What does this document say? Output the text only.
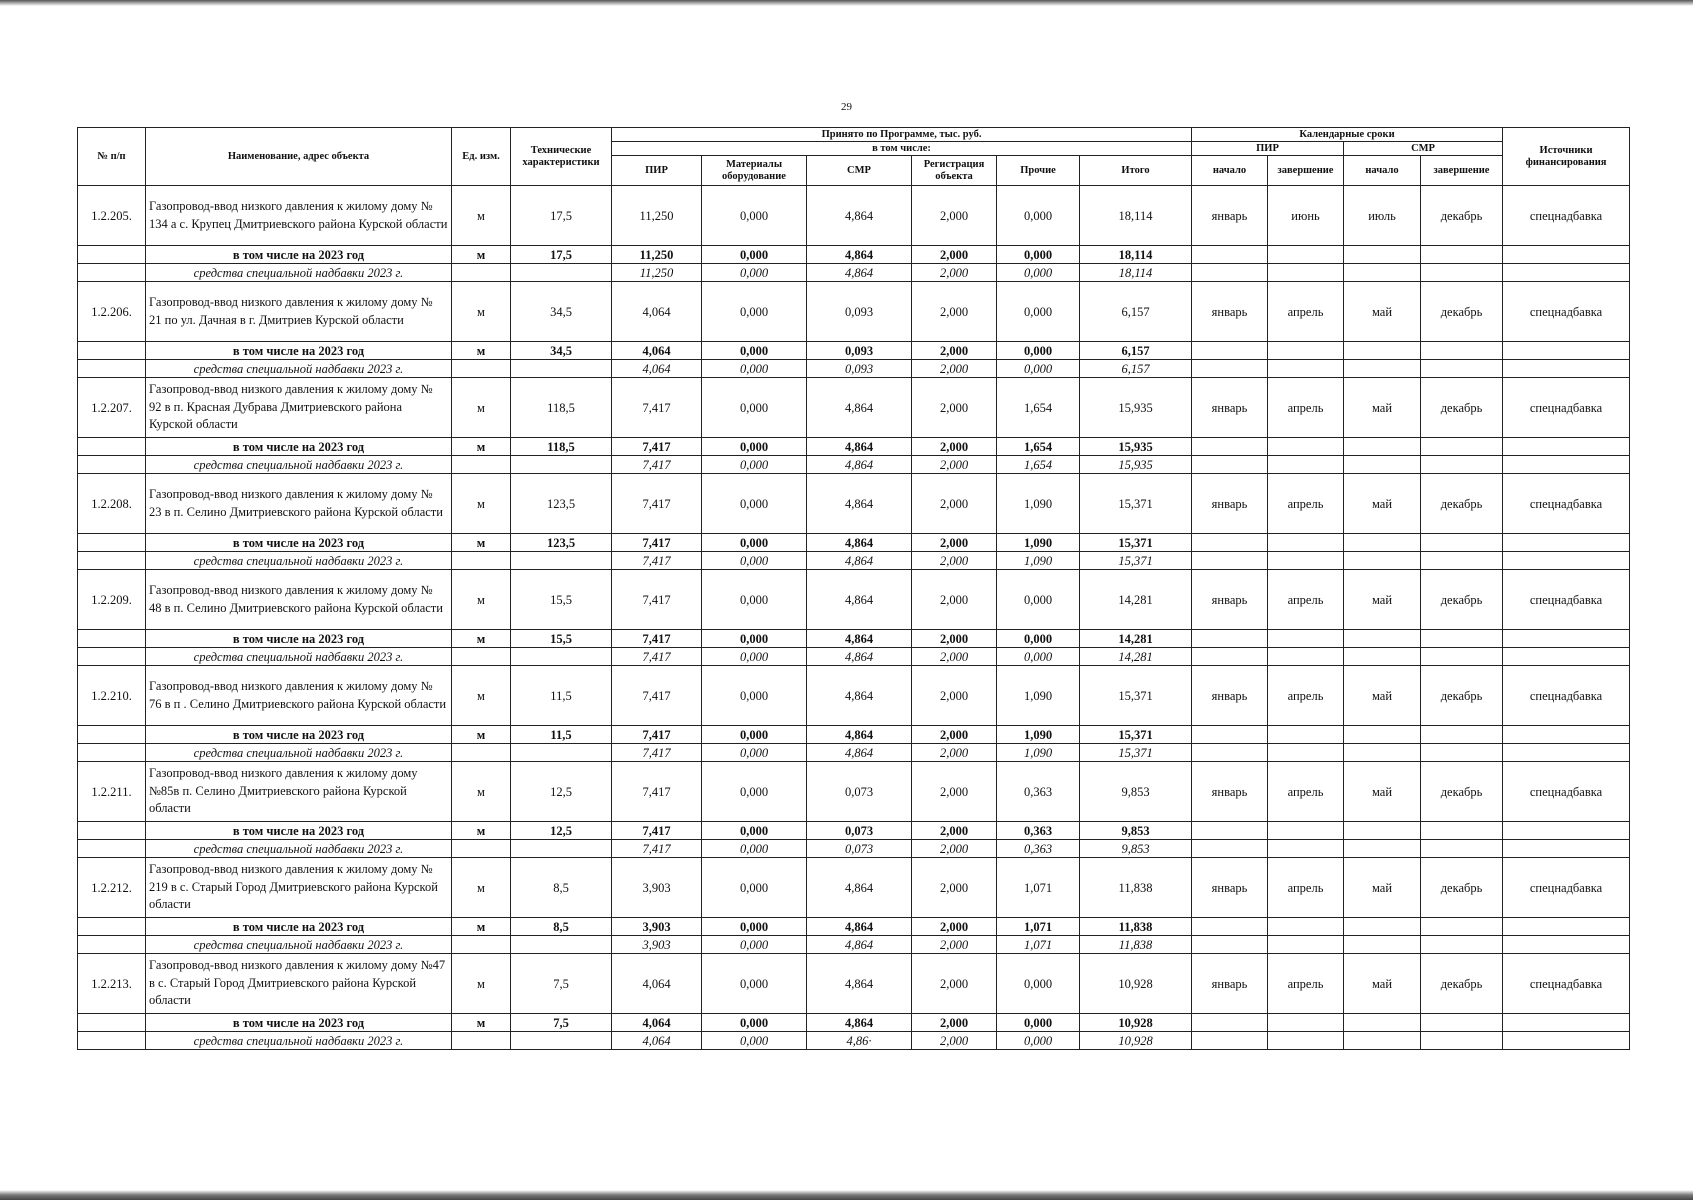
29
№ п/п	Наименование, адрес объекта	Ед. изм.	Технические характеристики	Принято по Программе, тыс. руб.						Календарные сроки				Источники финансирования
				в том числе:						ПИР		СМР		
				ПИР	Материалы оборудование	СМР	Регистрация объекта	Прочие	Итого	начало	завершение	начало	завершение	
1.2.205.	Газопровод-ввод низкого давления к жилому дому № 134 а с. Крупец Дмитриевского района Курской области	м	17,5	11,250	0,000	4,864	2,000	0,000	18,114	январь	июнь	июль	декабрь	спецнадбавка
	в том числе на 2023 год	м	17,5	11,250	0,000	4,864	2,000	0,000	18,114					
	средства специальной надбавки 2023 г.			11,250	0,000	4,864	2,000	0,000	18,114					
1.2.206.	Газопровод-ввод низкого давления к жилому дому № 21 по ул. Дачная в г. Дмитриев Курской области	м	34,5	4,064	0,000	0,093	2,000	0,000	6,157	январь	апрель	май	декабрь	спецнадбавка
	в том числе на 2023 год	м	34,5	4,064	0,000	0,093	2,000	0,000	6,157					
	средства специальной надбавки 2023 г.			4,064	0,000	0,093	2,000	0,000	6,157					
1.2.207.	Газопровод-ввод низкого давления к жилому дому № 92 в п. Красная Дубрава Дмитриевского района Курской области	м	118,5	7,417	0,000	4,864	2,000	1,654	15,935	январь	апрель	май	декабрь	спецнадбавка
	в том числе на 2023 год	м	118,5	7,417	0,000	4,864	2,000	1,654	15,935					
	средства специальной надбавки 2023 г.			7,417	0,000	4,864	2,000	1,654	15,935					
1.2.208.	Газопровод-ввод низкого давления к жилому дому № 23 в п. Селино Дмитриевского района Курской области	м	123,5	7,417	0,000	4,864	2,000	1,090	15,371	январь	апрель	май	декабрь	спецнадбавка
	в том числе на 2023 год	м	123,5	7,417	0,000	4,864	2,000	1,090	15,371					
	средства специальной надбавки 2023 г.			7,417	0,000	4,864	2,000	1,090	15,371					
1.2.209.	Газопровод-ввод низкого давления к жилому дому № 48 в п. Селино Дмитриевского района Курской области	м	15,5	7,417	0,000	4,864	2,000	0,000	14,281	январь	апрель	май	декабрь	спецнадбавка
	в том числе на 2023 год	м	15,5	7,417	0,000	4,864	2,000	0,000	14,281					
	средства специальной надбавки 2023 г.			7,417	0,000	4,864	2,000	0,000	14,281					
1.2.210.	Газопровод-ввод низкого давления к жилому дому № 76 в п . Селино Дмитриевского района Курской области	м	11,5	7,417	0,000	4,864	2,000	1,090	15,371	январь	апрель	май	декабрь	спецнадбавка
	в том числе на 2023 год	м	11,5	7,417	0,000	4,864	2,000	1,090	15,371					
	средства специальной надбавки 2023 г.			7,417	0,000	4,864	2,000	1,090	15,371					
1.2.211.	Газопровод-ввод низкого давления к жилому дому №85в п. Селино Дмитриевского района Курской области	м	12,5	7,417	0,000	0,073	2,000	0,363	9,853	январь	апрель	май	декабрь	спецнадбавка
	в том числе на 2023 год	м	12,5	7,417	0,000	0,073	2,000	0,363	9,853					
	средства специальной надбавки 2023 г.			7,417	0,000	0,073	2,000	0,363	9,853					
1.2.212.	Газопровод-ввод низкого давления к жилому дому № 219 в с. Старый Город Дмитриевского района Курской области	м	8,5	3,903	0,000	4,864	2,000	1,071	11,838	январь	апрель	май	декабрь	спецнадбавка
	в том числе на 2023 год	м	8,5	3,903	0,000	4,864	2,000	1,071	11,838					
	средства специальной надбавки 2023 г.			3,903	0,000	4,864	2,000	1,071	11,838					
1.2.213.	Газопровод-ввод низкого давления к жилому дому №47 в с. Старый Город Дмитриевского района Курской области	м	7,5	4,064	0,000	4,864	2,000	0,000	10,928	январь	апрель	май	декабрь	спецнадбавка
	в том числе на 2023 год	м	7,5	4,064	0,000	4,864	2,000	0,000	10,928					
	средства специальной надбавки 2023 г.			4,064	0,000	4,86·	2,000	0,000	10,928					
